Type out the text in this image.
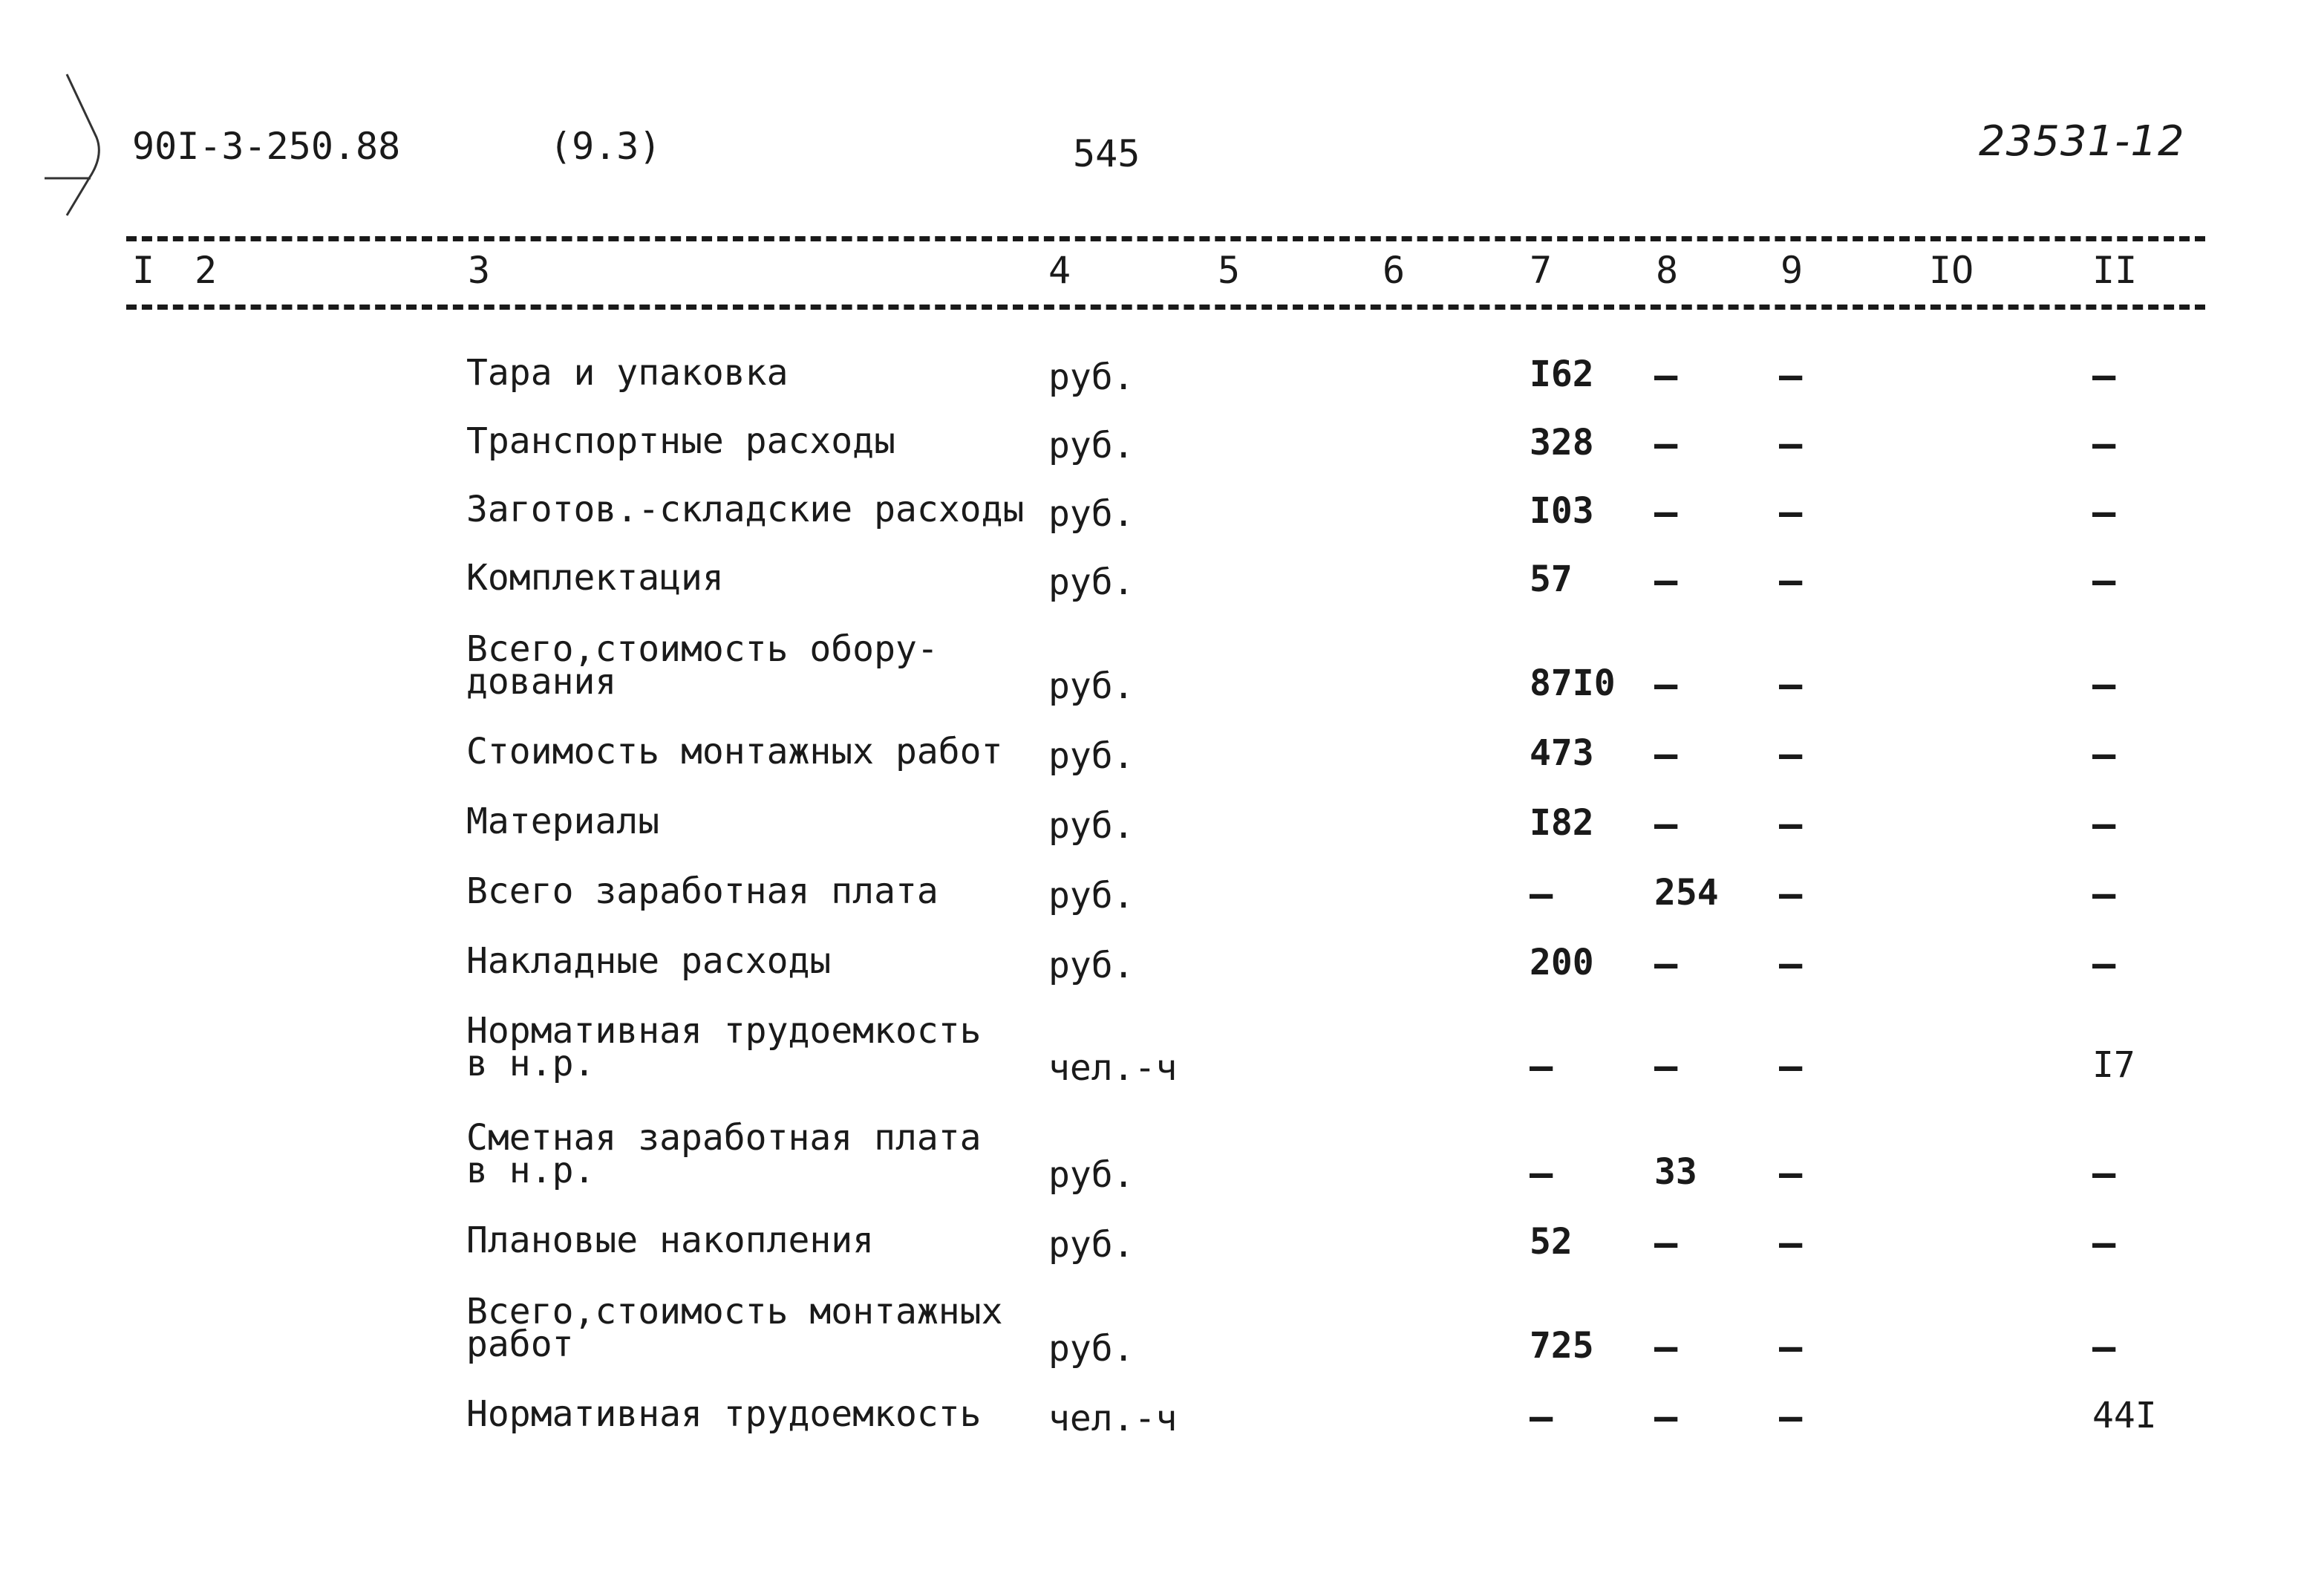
90I-3-250.88	(9.3)	545	23531-12
I 2	3	4	5	6	7	8	9	IO	II
Тара и упаковка	руб.	I62 –	–	–
Транспортные расходы	руб.	328 –	–	–
Заготов.-складские расходы руб.	I03 –	–	–
Комплектация	руб.	57 –	–	–
Всего,стоимость обору-
дования	руб.	87I0 –	–	–
Стоимость монтажных работ руб.	473 –	–	–
Материалы	руб.	I82 –	–	–
Всего заработная плата	руб.	–	254 –	–
Накладные расходы	руб.	200 –	–	–
Нормативная трудоемкость
в н.р.	чел.-ч	–	–	–	I7
Сметная заработная плата
в н.р.	руб.	–	33 –	–
Плановые накопления	руб.	52 –	–	–
Всего,стоимость монтажных
работ	руб.	725 –	–	–
Нормативная трудоемкость чел.-ч	–	–	–	44I
